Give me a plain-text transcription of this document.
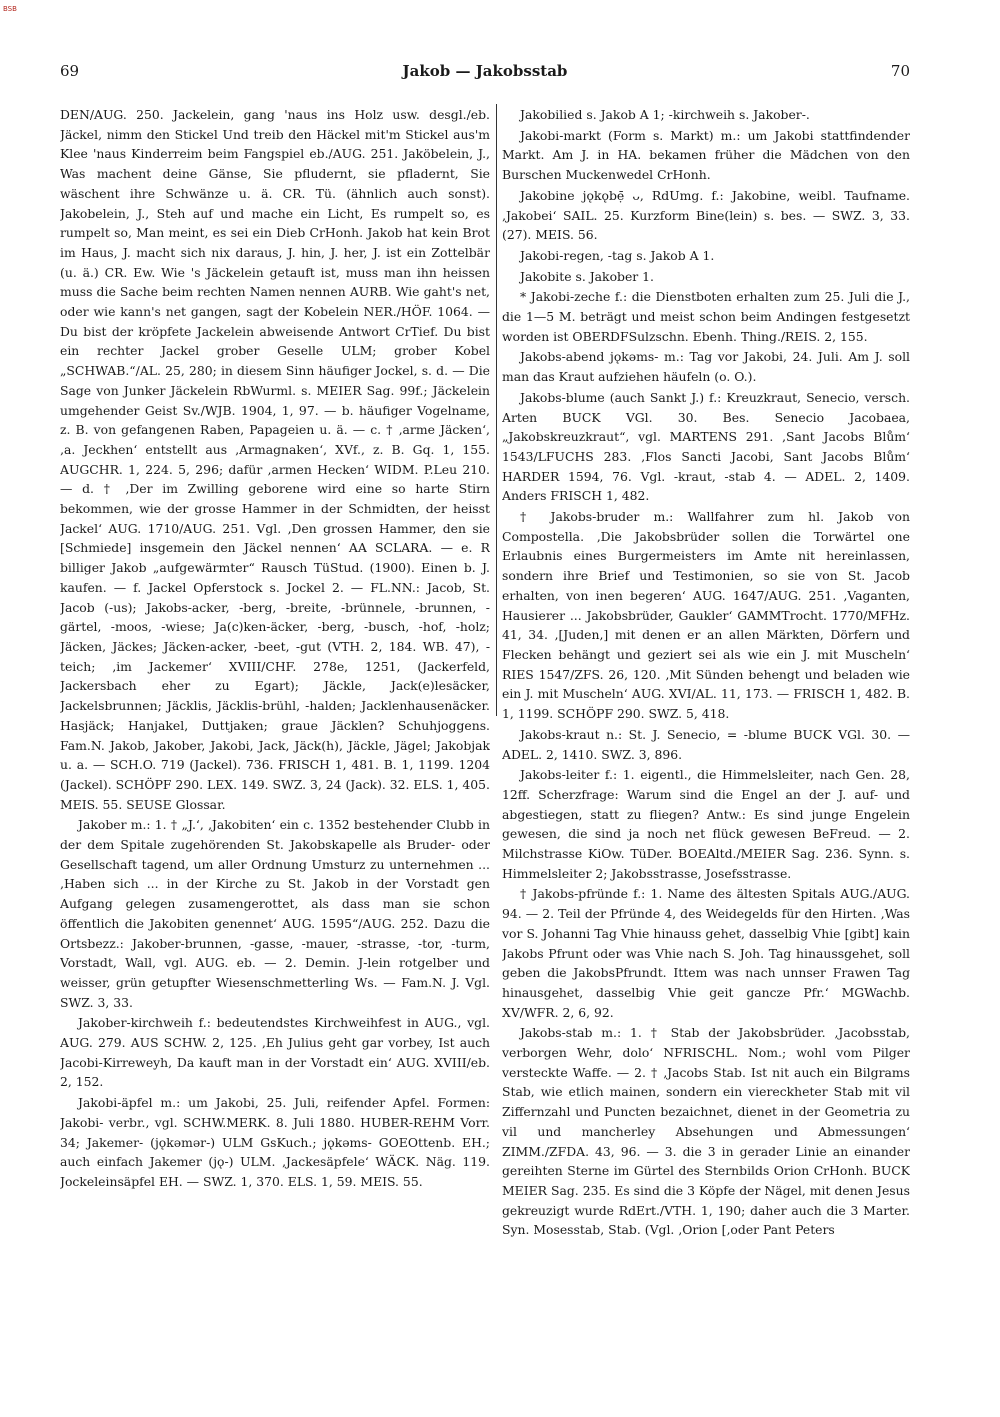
BSB
69	Jakob — Jakobsstab	70

DEN/AUG. 250. Jackelein, gang 'naus ins Holz usw. desgl./eb. Jäckel, nimm den Stickel Und treib den Häckel mit'm Stickel aus'm Klee 'naus Kinderreim beim Fangspiel eb./AUG. 251. Jaköbelein, J., Was machent deine Gänse, Sie pfludernt, sie pfladernt, Sie wäschent ihre Schwänze u. ä. CR. Tü. (ähnlich auch sonst). Jakobelein, J., Steh auf und mache ein Licht, Es rumpelt so, es rumpelt so, Man meint, es sei ein Dieb CrHonh. Jakob hat kein Brot im Haus, J. macht sich nix daraus, J. hin, J. her, J. ist ein Zottelbär (u. ä.) CR. Ew. Wie 's Jäckelein getauft ist, muss man ihn heissen muss die Sache beim rechten Namen nennen AURB. Wie gaht's net, oder wie kann's net gangen, sagt der Kobelein NER./HÖF. 1064. — Du bist der kröpfete Jackelein abweisende Antwort CrTief. Du bist ein rechter Jackel grober Geselle ULM; grober Kobel „SCHWAB.“/AL. 25, 280; in diesem Sinn häufiger Jockel, s. d. — Die Sage von Junker Jäckelein RbWurml. s. MEIER Sag. 99f.; Jäckelein umgehender Geist Sv./WJB. 1904, 1, 97. — b. häufiger Vogelname, z. B. von gefangenen Raben, Papageien u. ä. — c. † ‚arme Jäcken‘, ‚a. Jeckhen‘ entstellt aus ‚Armagnaken‘, XVf., z. B. Gq. 1, 155. AUGCHR. 1, 224. 5, 296; dafür ‚armen Hecken‘ WIDM. P.Leu 210. — d. † ‚Der im Zwilling geborene wird eine so harte Stirn bekommen, wie der grosse Hammer in der Schmidten, der heisst Jackel‘ AUG. 1710/AUG. 251. Vgl. ‚Den grossen Hammer, den sie [Schmiede] insgemein den Jäckel nennen‘ AA SCLARA. — e. R billiger Jakob „aufgewärmter“ Rausch TüStud. (1900). Einen b. J. kaufen. — f. Jackel Opferstock s. Jockel 2. — FL.NN.: Jacob, St. Jacob (-us); Jakobs-acker, -berg, -breite, -brünnele, -brunnen, -gärtel, -moos, -wiese; Ja(c)ken-äcker, -berg, -busch, -hof, -holz; Jäcken, Jäckes; Jäcken-acker, -beet, -gut (VTH. 2, 184. WB. 47), -teich; ‚im Jackemer‘ XVIII/CHF. 278e, 1251, (Jackerfeld, Jackersbach eher zu Egart); Jäckle, Jack(e)lesäcker, Jackelsbrunnen; Jäcklis, Jäcklis-brühl, -halden; Jacklenhausenäcker. Hasjäck; Hanjakel, Duttjaken; graue Jäcklen? Schuhjoggens. Fam.N. Jakob, Jakober, Jakobi, Jack, Jäck(h), Jäckle, Jägel; Jakobjak u. a. — SCH.O. 719 (Jackel). 736. FRISCH 1, 481. B. 1, 1199. 1204 (Jackel). SCHÖPF 290. LEX. 149. SWZ. 3, 24 (Jack). 32. ELS. 1, 405. MEIS. 55. SEUSE Glossar.

Jakober m.: 1. † „J.‘, ‚Jakobiten‘ ein c. 1352 bestehender Clubb in der dem Spitale zugehörenden St. Jakobskapelle als Bruder- oder Gesellschaft tagend, um aller Ordnung Umsturz zu unternehmen ... ‚Haben sich ... in der Kirche zu St. Jakob in der Vorstadt gen Aufgang gelegen zusamengerottet, als dass man sie schon öffentlich die Jakobiten genennet‘ AUG. 1595“/AUG. 252. Dazu die Ortsbezz.: Jakober-brunnen, -gasse, -mauer, -strasse, -tor, -turm, Vorstadt, Wall, vgl. AUG. eb. — 2. Demin. J-lein rotgelber und weisser, grün getupfter Wiesenschmetterling Ws. — Fam.N. J. Vgl. SWZ. 3, 33.

Jakober-kirchweih f.: bedeutendstes Kirchweihfest in AUG., vgl. AUG. 279. AUS SCHW. 2, 125. ‚Eh Julius geht gar vorbey, Ist auch Jacobi-Kirreweyh, Da kauft man in der Vorstadt ein‘ AUG. XVIII/eb. 2, 152.

Jakobi-äpfel m.: um Jakobi, 25. Juli, reifender Apfel. Formen: Jakobi- verbr., vgl. SCHW.MERK. 8. Juli 1880. HUBER-REHM Vorr. 34; Jakemer- (jǫkəmər-) ULM GsKuch.; jǫkəms- GOEOttenb. EH.; auch einfach Jakemer (jǫ-) ULM. ‚Jackesäpfele‘ WÄCK. Näg. 119. Jockeleinsäpfel EH. — SWZ. 1, 370. ELS. 1, 59. MEIS. 55.

Jakobilied s. Jakob A 1; -kirchweih s. Jakober-.

Jakobi-markt (Form s. Markt) m.: um Jakobi stattfindender Markt. Am J. in HA. bekamen früher die Mädchen von den Burschen Muckenwedel CrHonh.

Jakobine jǫkǫbẹ̄ ᴗ, RdUmg. f.: Jakobine, weibl. Taufname. ‚Jakobei‘ SAIL. 25. Kurzform Bine(lein) s. bes. — SWZ. 3, 33. (27). MEIS. 56.

Jakobi-regen, -tag s. Jakob A 1.

Jakobite s. Jakober 1.

* Jakobi-zeche f.: die Dienstboten erhalten zum 25. Juli die J., die 1—5 M. beträgt und meist schon beim Andingen festgesetzt worden ist OBERDFSulzschn. Ebenh. Thing./REIS. 2, 155.

Jakobs-abend jǫkəms- m.: Tag vor Jakobi, 24. Juli. Am J. soll man das Kraut aufziehen häufeln (o. O.).

Jakobs-blume (auch Sankt J.) f.: Kreuzkraut, Senecio, versch. Arten BUCK VGl. 30. Bes. Senecio Jacobaea, „Jakobskreuzkraut“, vgl. MARTENS 291. ‚Sant Jacobs Blům‘ 1543/LFUCHS 283. ‚Flos Sancti Jacobi, Sant Jacobs Blům‘ HARDER 1594, 76. Vgl. -kraut, -stab 4. — ADEL. 2, 1409. Anders FRISCH 1, 482.

† Jakobs-bruder m.: Wallfahrer zum hl. Jakob von Compostella. ‚Die Jakobsbrüder sollen die Torwärtel one Erlaubnis eines Burgermeisters im Amte nit hereinlassen, sondern ihre Brief und Testimonien, so sie von St. Jacob erhalten, von inen begeren‘ AUG. 1647/AUG. 251. ‚Vaganten, Hausierer ... Jakobsbrüder, Gaukler‘ GAMMTrocht. 1770/MFHz. 41, 34. ‚[Juden,] mit denen er an allen Märkten, Dörfern und Flecken behängt und geziert sei als wie ein J. mit Muscheln‘ RIES 1547/ZFS. 26, 120. ‚Mit Sünden behengt und beladen wie ein J. mit Muscheln‘ AUG. XVI/AL. 11, 173. — FRISCH 1, 482. B. 1, 1199. SCHÖPF 290. SWZ. 5, 418.

Jakobs-kraut n.: St. J. Senecio, = -blume BUCK VGl. 30. — ADEL. 2, 1410. SWZ. 3, 896.

Jakobs-leiter f.: 1. eigentl., die Himmelsleiter, nach Gen. 28, 12ff. Scherzfrage: Warum sind die Engel an der J. auf- und abgestiegen, statt zu fliegen? Antw.: Es sind junge Engelein gewesen, die sind ja noch net flück gewesen BeFreud. — 2. Milchstrasse KiOw. TüDer. BOEAltd./MEIER Sag. 236. Synn. s. Himmelsleiter 2; Jakobsstrasse, Josefsstrasse.

† Jakobs-pfründe f.: 1. Name des ältesten Spitals AUG./AUG. 94. — 2. Teil der Pfründe 4, des Weidegelds für den Hirten. ‚Was vor S. Johanni Tag Vhie hinauss gehet, dasselbig Vhie [gibt] kain Jakobs Pfrunt oder was Vhie nach S. Joh. Tag hinaussgehet, soll geben die JakobsPfrundt. Ittem was nach unnser Frawen Tag hinausgehet, dasselbig Vhie geit gancze Pfr.‘ MGWachb. XV/WFR. 2, 6, 92.

Jakobs-stab m.: 1. † Stab der Jakobsbrüder. ‚Jacobsstab, verborgen Wehr, dolo‘ NFRISCHL. Nom.; wohl vom Pilger versteckte Waffe. — 2. † ‚Jacobs Stab. Ist nit auch ein Bilgrams Stab, wie etlich mainen, sondern ein viereckheter Stab mit vil Ziffernzahl und Puncten bezaichnet, dienet in der Geometria zu vil und mancherley Absehungen und Abmessungen‘ ZIMM./ZFDA. 43, 96. — 3. die 3 in gerader Linie an einander gereihten Sterne im Gürtel des Sternbilds Orion CrHonh. BUCK MEIER Sag. 235. Es sind die 3 Köpfe der Nägel, mit denen Jesus gekreuzigt wurde RdErt./VTH. 1, 190; daher auch die 3 Marter. Syn. Mosesstab, Stab. (Vgl. ‚Orion [‚oder Pant Peters
